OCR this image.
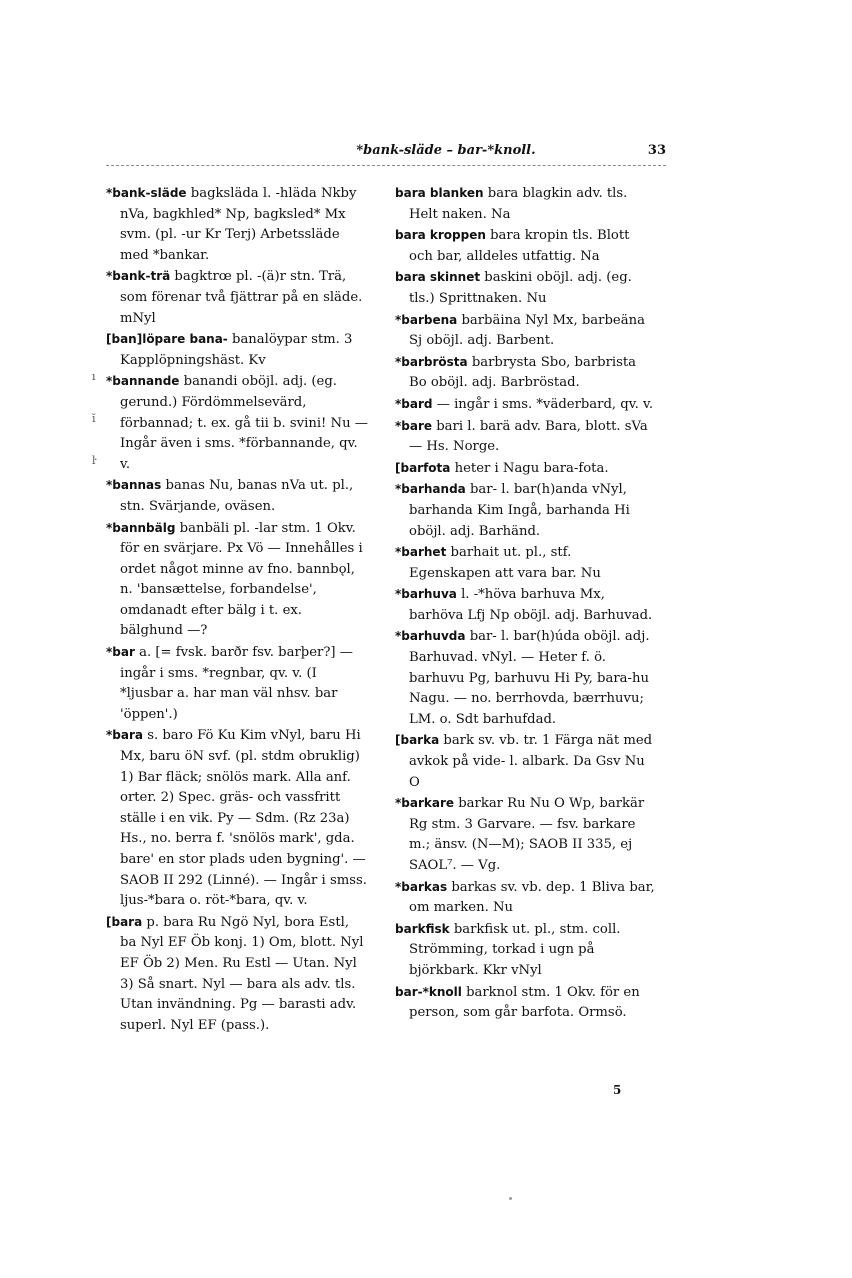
*bank-släde – bar-*knoll.	33
ı
ĭ
ŀ

*bank-släde bagksläda l. -hläda Nkby nVa, bagkhled* Np, bagksled* Mx svm. (pl. -ur Kr Terj) Arbetssläde med *bankar.

*bank-trä bagktrœ pl. -(ä)r stn. Trä, som förenar två fjättrar på en släde. mNyl

[ban]löpare bana- banalöypar stm. 3 Kapplöpningshäst. Kv

*bannande banandi oböjl. adj. (eg. gerund.) Fördömmelsevärd, förbannad; t. ex. gå tii b. svini! Nu — Ingår även i sms. *förbannande, qv. v.

*bannas banas Nu, banas nVa ut. pl., stn. Svärjande, oväsen.

*bannbälg banbäli pl. -lar stm. 1 Okv. för en svärjare. Px Vö — Innehålles i ordet något minne av fno. bannbǫl, n. 'bansættelse, forbandelse', omdanadt efter bälg i t. ex. bälghund —?

*bar a. [= fvsk. barðr fsv. barþer?] — ingår i sms. *regnbar, qv. v. (I *ljusbar a. har man väl nhsv. bar 'öppen'.)

*bara s. baro Fö Ku Kim vNyl, baru Hi Mx, baru öN svf. (pl. stdm obruklig) 1) Bar fläck; snölös mark. Alla anf. orter. 2) Spec. gräs- och vassfritt ställe i en vik. Py — Sdm. (Rz 23a) Hs., no. berra f. 'snölös mark', gda. bare' en stor plads uden bygning'. — SAOB II 292 (Linné). — Ingår i smss. ljus-*bara o. röt-*bara, qv. v.

[bara p. bara Ru Ngö Nyl, bora Estl, ba Nyl EF Öb konj. 1) Om, blott. Nyl EF Öb 2) Men. Ru Estl — Utan. Nyl 3) Så snart. Nyl — bara als adv. tls. Utan invändning. Pg — barasti adv. superl. Nyl EF (pass.).

bara blanken bara blagkin adv. tls. Helt naken. Na

bara kroppen bara kropin tls. Blott och bar, alldeles utfattig. Na

bara skinnet baskini oböjl. adj. (eg. tls.) Sprittnaken. Nu

*barbena barbäina Nyl Mx, barbeäna Sj oböjl. adj. Barbent.

*barbrösta barbrysta Sbo, barbrista Bo oböjl. adj. Barbröstad.

*bard — ingår i sms. *väderbard, qv. v.

*bare bari l. barä adv. Bara, blott. sVa — Hs. Norge.

[barfota heter i Nagu bara-fota.

*barhanda bar- l. bar(h)anda vNyl, barhanda Kim Ingå, barhanda Hi oböjl. adj. Barhänd.

*barhet barhait ut. pl., stf. Egenskapen att vara bar. Nu

*barhuva l. -*höva barhuva Mx, barhöva Lfj Np oböjl. adj. Barhuvad.

*barhuvda bar- l. bar(h)úda oböjl. adj. Barhuvad. vNyl. — Heter f. ö. barhuvu Pg, barhuvu Hi Py, bara-hu Nagu. — no. berrhovda, bærrhuvu; LM. o. Sdt barhufdad.

[barka bark sv. vb. tr. 1 Färga nät med avkok på vide- l. albark. Da Gsv Nu O

*barkare barkar Ru Nu O Wp, barkär Rg stm. 3 Garvare. — fsv. barkare m.; änsv. (N—M); SAOB II 335, ej SAOL⁷. — Vg.

*barkas barkas sv. vb. dep. 1 Bliva bar, om marken. Nu

barkfisk barkfisk ut. pl., stm. coll. Strömming, torkad i ugn på björkbark. Kkr vNyl

bar-*knoll barknol stm. 1 Okv. för en person, som går barfota. Ormsö.

5
